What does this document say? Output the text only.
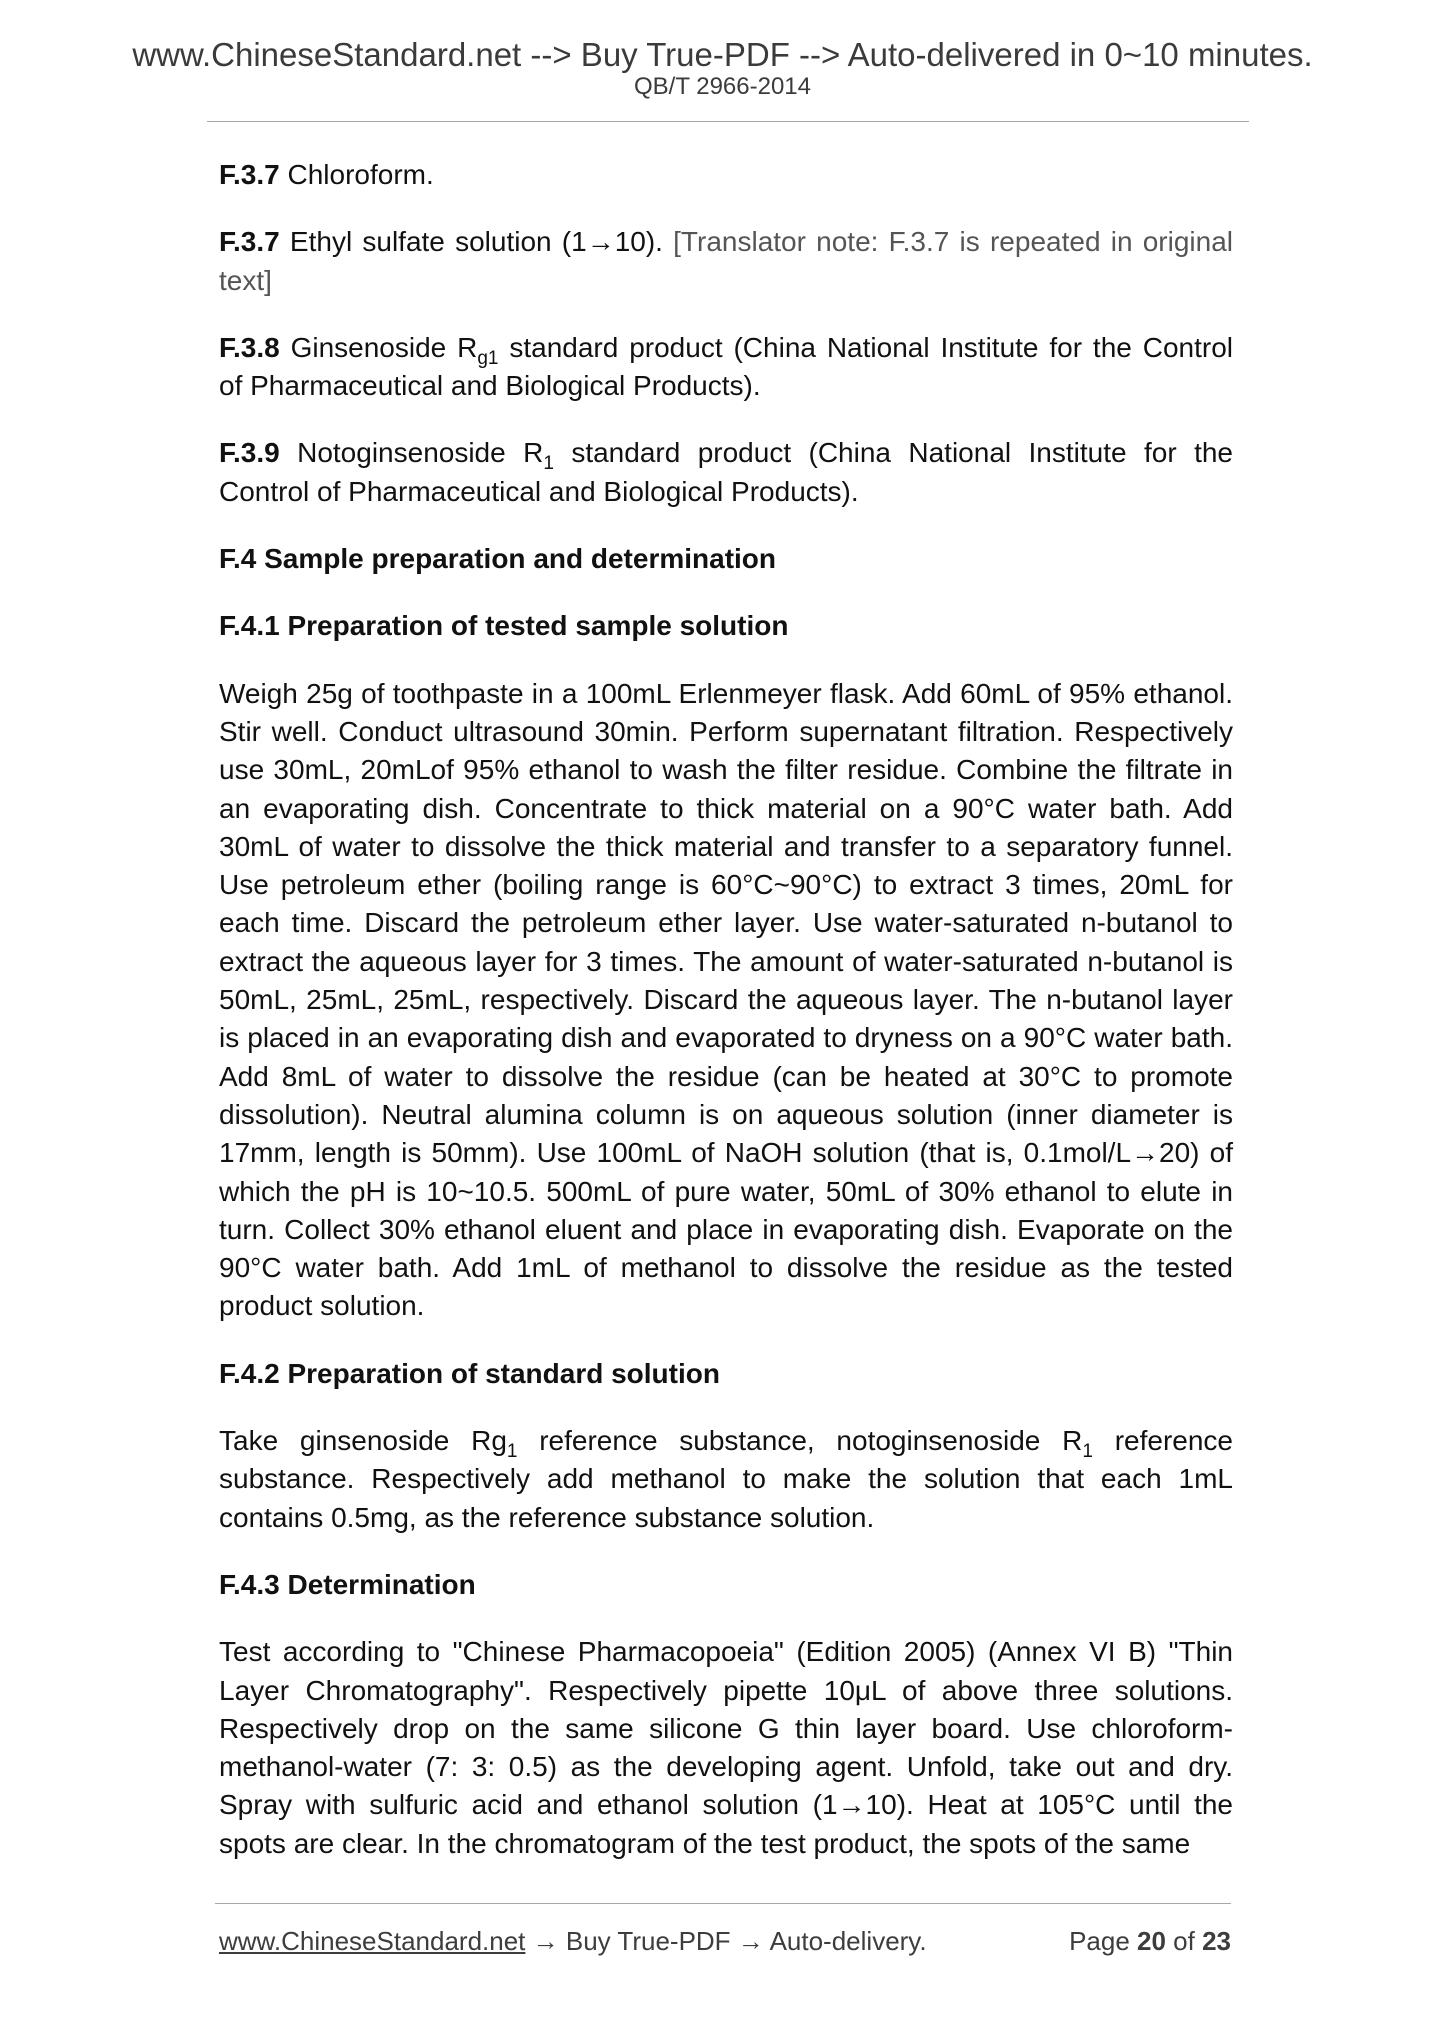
www.ChineseStandard.net --> Buy True-PDF --> Auto-delivered in 0~10 minutes.
QB/T 2966-2014

F.3.7 Chloroform.

F.3.7 Ethyl sulfate solution (1→10). [Translator note: F.3.7 is repeated in original text]

F.3.8 Ginsenoside $R_{g1}$ standard product (China National Institute for the Control of Pharmaceutical and Biological Products).

F.3.9 Notoginsenoside $R_1$ standard product (China National Institute for the Control of Pharmaceutical and Biological Products).

F.4 Sample preparation and determination

F.4.1 Preparation of tested sample solution

Weigh 25g of toothpaste in a 100mL Erlenmeyer flask. Add 60mL of 95% ethanol. Stir well. Conduct ultrasound 30min. Perform supernatant filtration. Respectively use 30mL, 20mLof 95% ethanol to wash the filter residue. Combine the filtrate in an evaporating dish. Concentrate to thick material on a 90°C water bath. Add 30mL of water to dissolve the thick material and transfer to a separatory funnel. Use petroleum ether (boiling range is 60°C~90°C) to extract 3 times, 20mL for each time. Discard the petroleum ether layer. Use water-saturated n-butanol to extract the aqueous layer for 3 times. The amount of water-saturated n-butanol is 50mL, 25mL, 25mL, respectively. Discard the aqueous layer. The n-butanol layer is placed in an evaporating dish and evaporated to dryness on a 90°C water bath. Add 8mL of water to dissolve the residue (can be heated at 30°C to promote dissolution). Neutral alumina column is on aqueous solution (inner diameter is 17mm, length is 50mm). Use 100mL of NaOH solution (that is, 0.1mol/L→20) of which the pH is 10~10.5. 500mL of pure water, 50mL of 30% ethanol to elute in turn. Collect 30% ethanol eluent and place in evaporating dish. Evaporate on the 90°C water bath. Add 1mL of methanol to dissolve the residue as the tested product solution.

F.4.2 Preparation of standard solution

Take ginsenoside $Rg_1$ reference substance, notoginsenoside $R_1$ reference substance. Respectively add methanol to make the solution that each 1mL contains 0.5mg, as the reference substance solution.

F.4.3 Determination

Test according to "Chinese Pharmacopoeia" (Edition 2005) (Annex VI B) "Thin Layer Chromatography". Respectively pipette 10μL of above three solutions. Respectively drop on the same silicone G thin layer board. Use chloroform-methanol-water (7: 3: 0.5) as the developing agent. Unfold, take out and dry. Spray with sulfuric acid and ethanol solution (1→10). Heat at 105°C until the spots are clear. In the chromatogram of the test product, the spots of the same

www.ChineseStandard.net → Buy True-PDF → Auto-delivery.	Page 20 of 23
